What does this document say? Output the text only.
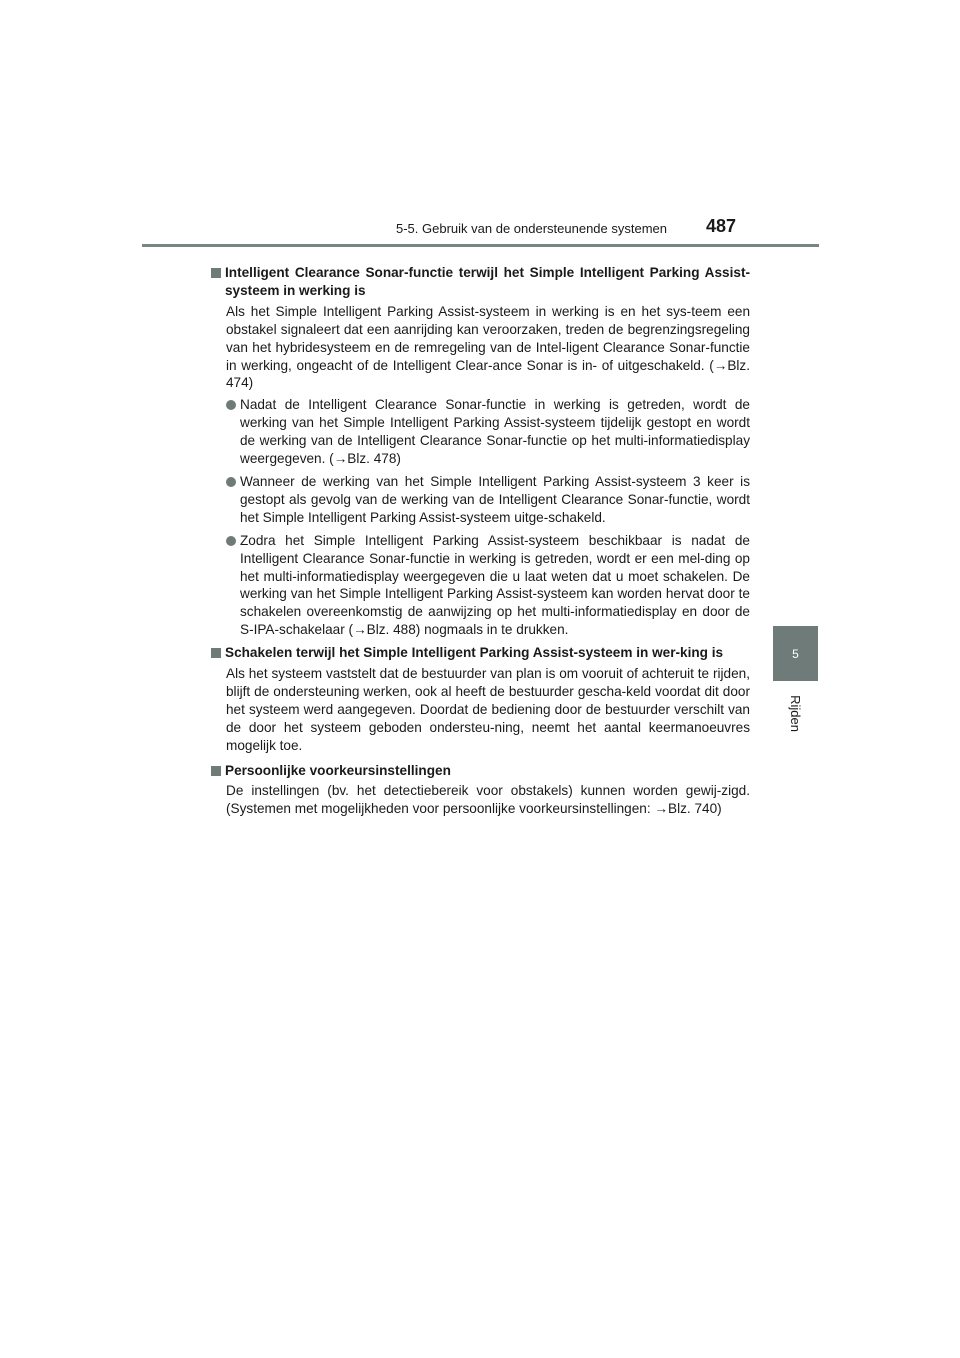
5-5. Gebruik van de ondersteunende systemen	487
5
Rijden
Intelligent Clearance Sonar-functie terwijl het Simple Intelligent Parking Assist-systeem in werking is

Als het Simple Intelligent Parking Assist-systeem in werking is en het sys-teem een obstakel signaleert dat een aanrijding kan veroorzaken, treden de begrenzingsregeling van het hybridesysteem en de remregeling van de Intel-ligent Clearance Sonar-functie in werking, ongeacht of de Intelligent Clear-ance Sonar is in- of uitgeschakeld. (→Blz. 474)

Nadat de Intelligent Clearance Sonar-functie in werking is getreden, wordt de werking van het Simple Intelligent Parking Assist-systeem tijdelijk gestopt en wordt de werking van de Intelligent Clearance Sonar-functie op het multi-informatiedisplay weergegeven. (→Blz. 478)
Wanneer de werking van het Simple Intelligent Parking Assist-systeem 3 keer is gestopt als gevolg van de werking van de Intelligent Clearance Sonar-functie, wordt het Simple Intelligent Parking Assist-systeem uitge-schakeld.
Zodra het Simple Intelligent Parking Assist-systeem beschikbaar is nadat de Intelligent Clearance Sonar-functie in werking is getreden, wordt er een mel-ding op het multi-informatiedisplay weergegeven die u laat weten dat u moet schakelen. De werking van het Simple Intelligent Parking Assist-systeem kan worden hervat door te schakelen overeenkomstig de aanwijzing op het multi-informatiedisplay en door de S-IPA-schakelaar (→Blz. 488) nogmaals in te drukken.
Schakelen terwijl het Simple Intelligent Parking Assist-systeem in wer-king is

Als het systeem vaststelt dat de bestuurder van plan is om vooruit of achteruit te rijden, blijft de ondersteuning werken, ook al heeft de bestuurder gescha-keld voordat dit door het systeem werd aangegeven. Doordat de bediening door de bestuurder verschilt van de door het systeem geboden ondersteu-ning, neemt het aantal keermanoeuvres mogelijk toe.

Persoonlijke voorkeursinstellingen

De instellingen (bv. het detectiebereik voor obstakels) kunnen worden gewij-zigd. (Systemen met mogelijkheden voor persoonlijke voorkeursinstellingen: →Blz. 740)
